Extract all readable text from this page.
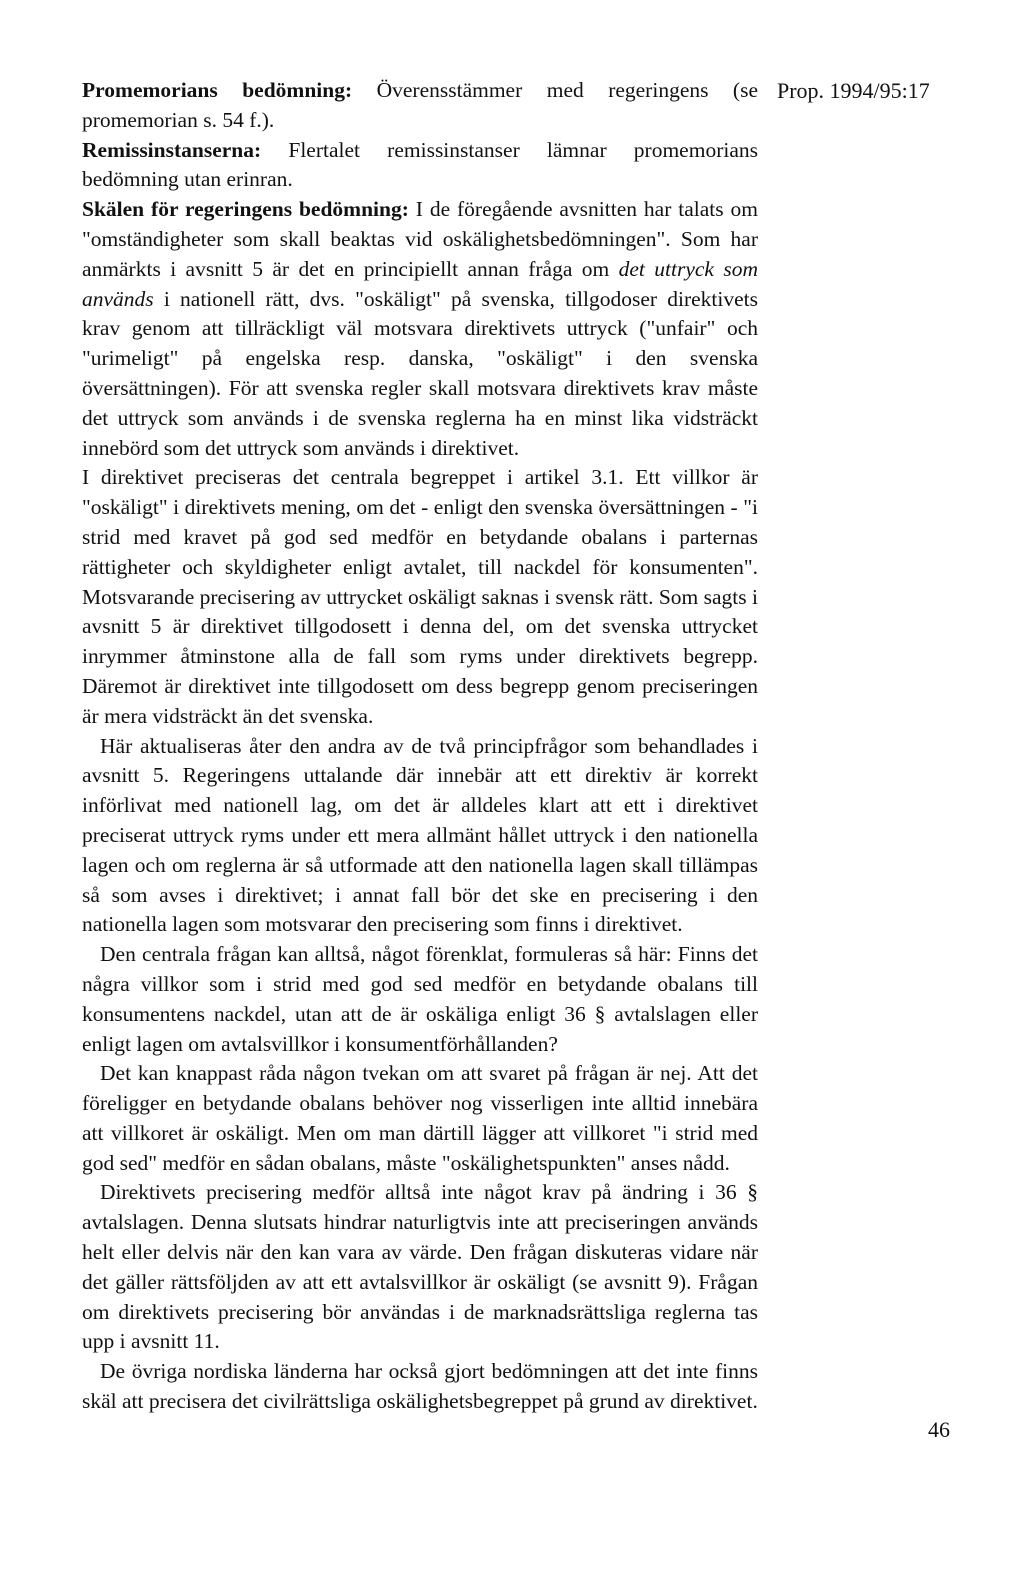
Prop. 1994/95:17

Promemorians bedömning: Överensstämmer med regeringens (se promemorian s. 54 f.).

Remissinstanserna: Flertalet remissinstanser lämnar promemorians bedömning utan erinran.

Skälen för regeringens bedömning: I de föregående avsnitten har talats om "omständigheter som skall beaktas vid oskälighetsbedömningen". Som har anmärkts i avsnitt 5 är det en principiellt annan fråga om det uttryck som används i nationell rätt, dvs. "oskäligt" på svenska, tillgodoser direktivets krav genom att tillräckligt väl motsvara direktivets uttryck ("unfair" och "urimeligt" på engelska resp. danska, "oskäligt" i den svenska översättningen). För att svenska regler skall motsvara direktivets krav måste det uttryck som används i de svenska reglerna ha en minst lika vidsträckt innebörd som det uttryck som används i direktivet.

I direktivet preciseras det centrala begreppet i artikel 3.1. Ett villkor är "oskäligt" i direktivets mening, om det - enligt den svenska översättningen - "i strid med kravet på god sed medför en betydande obalans i parternas rättigheter och skyldigheter enligt avtalet, till nackdel för konsumenten". Motsvarande precisering av uttrycket oskäligt saknas i svensk rätt. Som sagts i avsnitt 5 är direktivet tillgodosett i denna del, om det svenska uttrycket inrymmer åtminstone alla de fall som ryms under direktivets begrepp. Däremot är direktivet inte tillgodosett om dess begrepp genom preciseringen är mera vidsträckt än det svenska.

Här aktualiseras åter den andra av de två principfrågor som behandlades i avsnitt 5. Regeringens uttalande där innebär att ett direktiv är korrekt införlivat med nationell lag, om det är alldeles klart att ett i direktivet preciserat uttryck ryms under ett mera allmänt hållet uttryck i den nationella lagen och om reglerna är så utformade att den nationella lagen skall tillämpas så som avses i direktivet; i annat fall bör det ske en precisering i den nationella lagen som motsvarar den precisering som finns i direktivet.

Den centrala frågan kan alltså, något förenklat, formuleras så här: Finns det några villkor som i strid med god sed medför en betydande obalans till konsumentens nackdel, utan att de är oskäliga enligt 36 § avtalslagen eller enligt lagen om avtalsvillkor i konsumentförhållanden?

Det kan knappast råda någon tvekan om att svaret på frågan är nej. Att det föreligger en betydande obalans behöver nog visserligen inte alltid innebära att villkoret är oskäligt. Men om man därtill lägger att villkoret "i strid med god sed" medför en sådan obalans, måste "oskälighetspunkten" anses nådd.

Direktivets precisering medför alltså inte något krav på ändring i 36 § avtalslagen. Denna slutsats hindrar naturligtvis inte att preciseringen används helt eller delvis när den kan vara av värde. Den frågan diskuteras vidare när det gäller rättsföljden av att ett avtalsvillkor är oskäligt (se avsnitt 9). Frågan om direktivets precisering bör användas i de marknadsrättsliga reglerna tas upp i avsnitt 11.

De övriga nordiska länderna har också gjort bedömningen att det inte finns skäl att precisera det civilrättsliga oskälighetsbegreppet på grund av direktivet.

46
